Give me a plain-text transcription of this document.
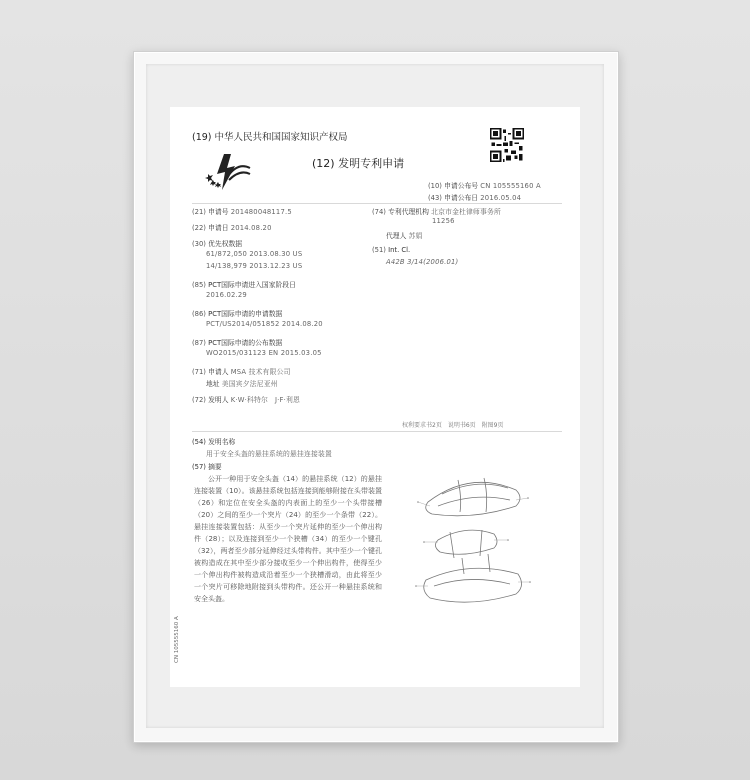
(19) 中华人民共和国国家知识产权局
(12) 发明专利申请
(10) 申请公布号 CN 105555160 A
(43) 申请公布日 2016.05.04
(21) 申请号 201480048117.5
(22) 申请日 2014.08.20
(30) 优先权数据
61/872,050 2013.08.30 US
14/138,979 2013.12.23 US
(85) PCT国际申请进入国家阶段日
2016.02.29
(86) PCT国际申请的申请数据
PCT/US2014/051852 2014.08.20
(87) PCT国际申请的公布数据
WO2015/031123 EN 2015.03.05
(71) 申请人 MSA 技术有限公司
地址 美国宾夕法尼亚州
(72) 发明人 K·W·科特尔　J·F·利恩
(74) 专利代理机构 北京市金杜律师事务所
11256
代理人 苏娟
(51) Int. Cl.
A42B 3/14(2006.01)
权利要求书2页　说明书6页　附图9页
(54) 发明名称
用于安全头盔的悬挂系统的悬挂连接装置
(57) 摘要
公开一种用于安全头盔（14）的悬挂系统（12）的悬挂连接装置（10）。该悬挂系统包括连接到能够附接在头带装置（26）和定位在安全头盔的内表面上的至少一个头带接槽（20）之间的至少一个突片（24）的至少一个条带（22）。悬挂连接装置包括：从至少一个突片延伸的至少一个伸出构件（28）；以及连接到至少一个狭槽（34）的至少一个键孔（32），两者至少部分延伸经过头带构件。其中至少一个键孔被构造成在其中至少部分接收至少一个伸出构件，使得至少一个伸出构件被构造成沿着至少一个狭槽滑动，由此将至少一个突片可移除地附接到头带构件。还公开一种悬挂系统和安全头盔。
CN 105555160 A
